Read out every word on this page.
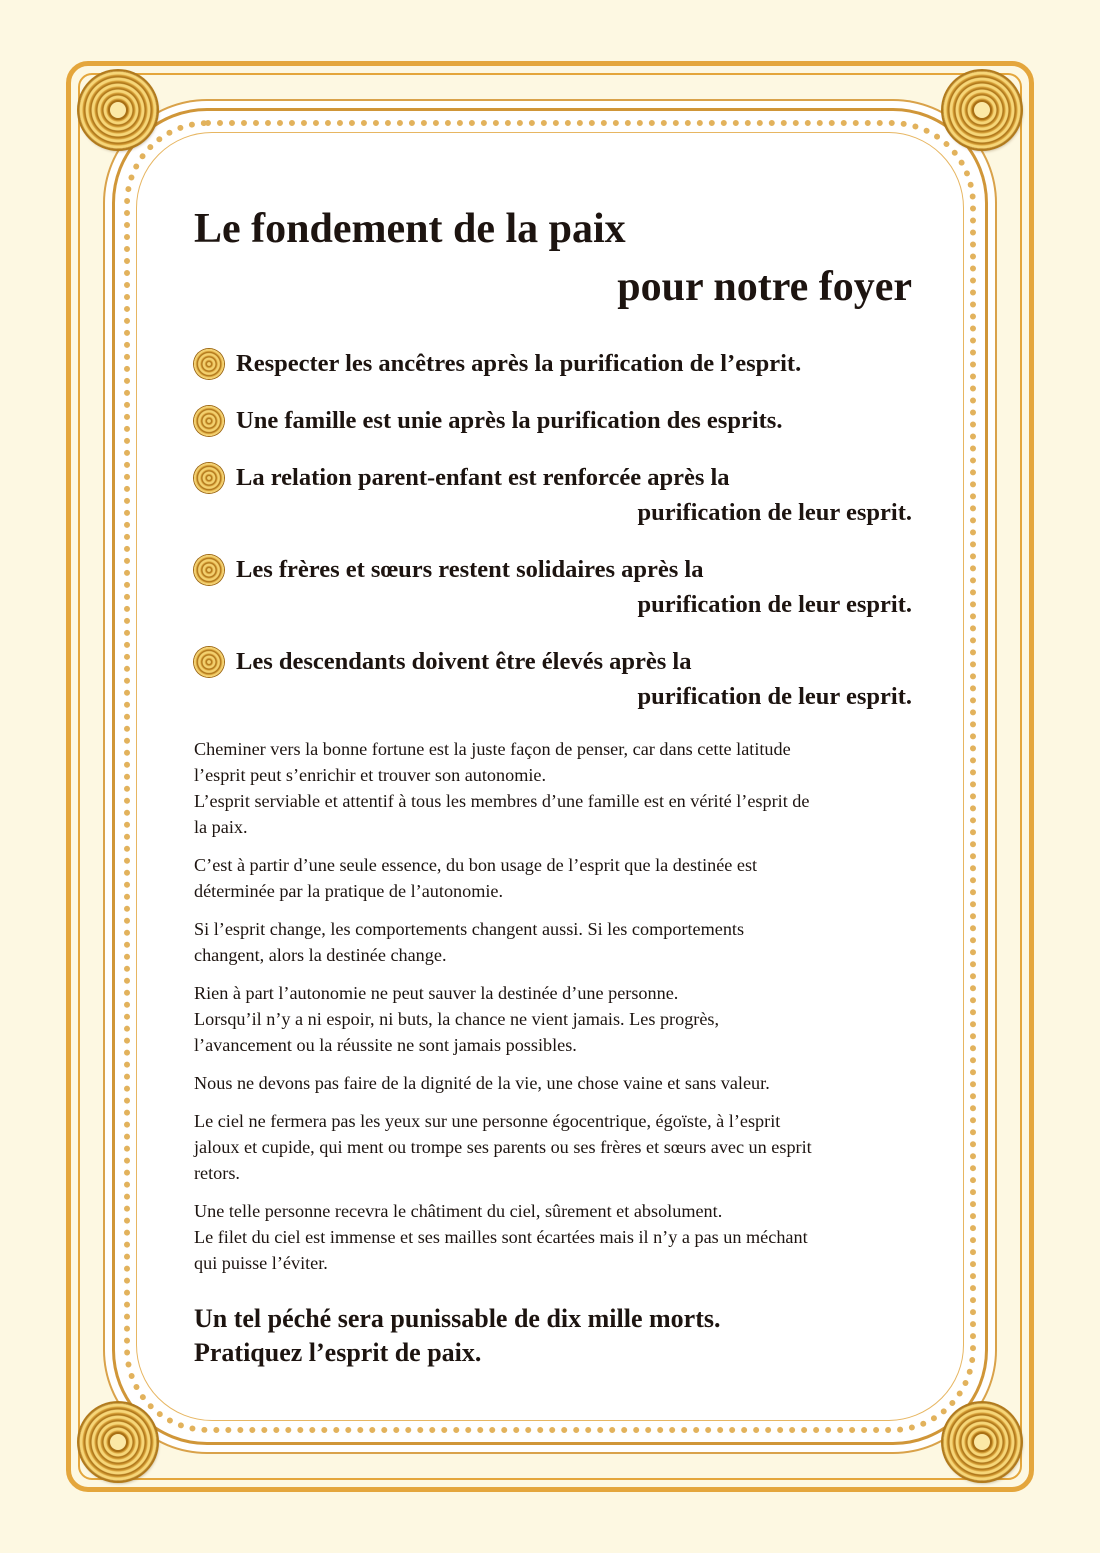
Le fondement de la paix
pour notre foyer
Respecter les ancêtres après la purification de l’esprit.
Une famille est unie après la purification des esprits.
La relation parent-enfant est renforcée après la
purification de leur esprit.
Les frères et sœurs restent solidaires après la
purification de leur esprit.
Les descendants doivent être élevés après la
purification de leur esprit.

Cheminer vers la bonne fortune est la juste façon de penser, car dans cette latitude
l’esprit peut s’enrichir et trouver son autonomie.
L’esprit serviable et attentif à tous les membres d’une famille est en vérité l’esprit de
la paix.

C’est à partir d’une seule essence, du bon usage de l’esprit que la destinée est
déterminée par la pratique de l’autonomie.

Si l’esprit change, les comportements changent aussi. Si les comportements
changent, alors la destinée change.

Rien à part l’autonomie ne peut sauver la destinée d’une personne.
Lorsqu’il n’y a ni espoir, ni buts, la chance ne vient jamais. Les progrès,
l’avancement ou la réussite ne sont jamais possibles.

Nous ne devons pas faire de la dignité de la vie, une chose vaine et sans valeur.

Le ciel ne fermera pas les yeux sur une personne égocentrique, égoïste, à l’esprit
jaloux et cupide, qui ment ou trompe ses parents ou ses frères et sœurs avec un esprit
retors.

Une telle personne recevra le châtiment du ciel, sûrement et absolument.
Le filet du ciel est immense et ses mailles sont écartées mais il n’y a pas un méchant
qui puisse l’éviter.

Un tel péché sera punissable de dix mille morts.
Pratiquez l’esprit de paix.
